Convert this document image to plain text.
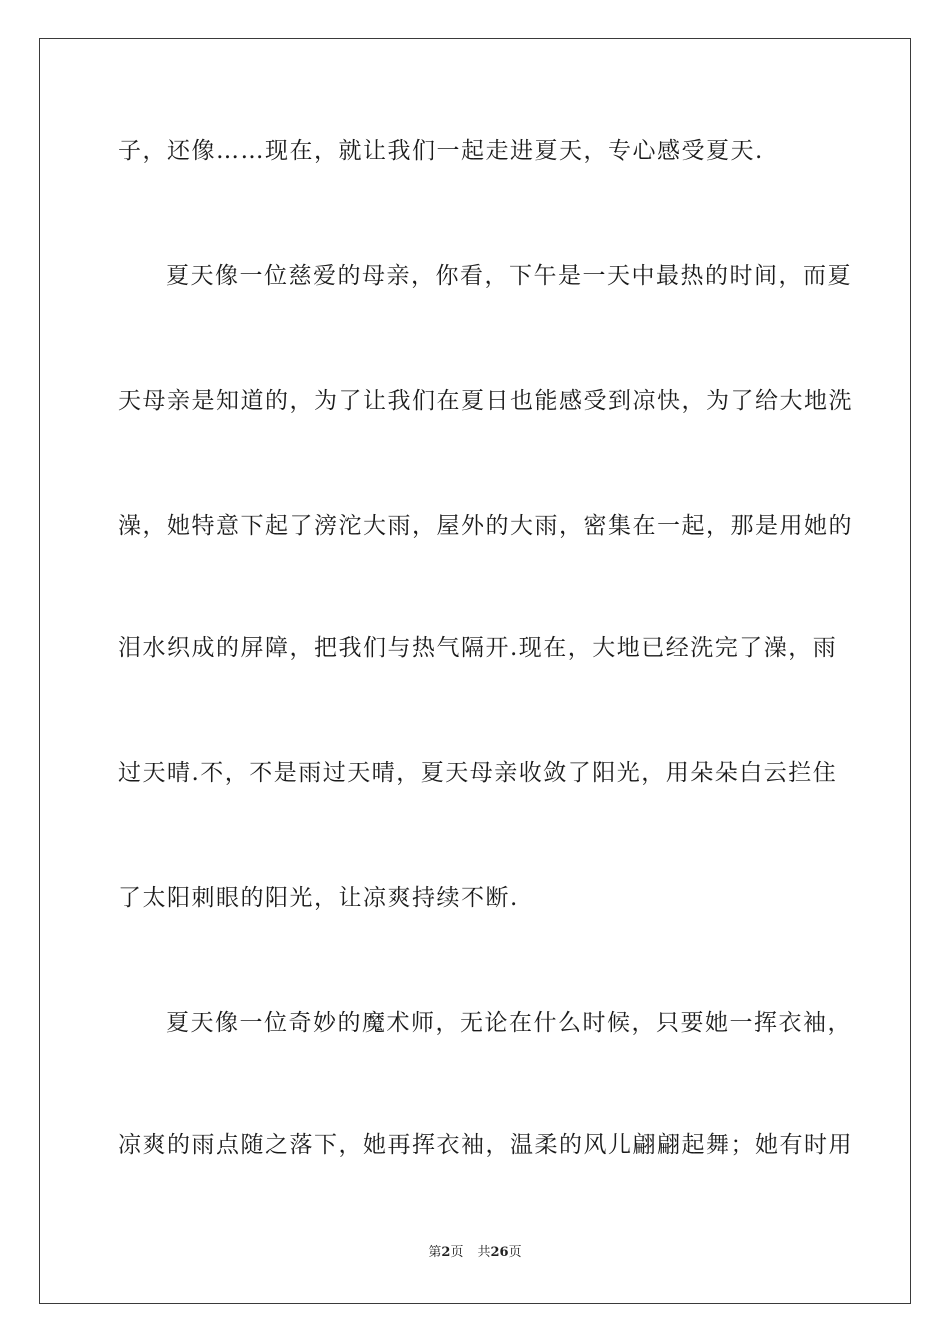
子，还像……现在，就让我们一起走进夏天，专心感受夏天.
夏天像一位慈爱的母亲，你看，下午是一天中最热的时间，而夏
天母亲是知道的，为了让我们在夏日也能感受到凉快，为了给大地洗
澡，她特意下起了滂沱大雨，屋外的大雨，密集在一起，那是用她的
泪水织成的屏障，把我们与热气隔开.现在，大地已经洗完了澡，雨
过天晴.不，不是雨过天晴，夏天母亲收敛了阳光，用朵朵白云拦住
了太阳刺眼的阳光，让凉爽持续不断.
夏天像一位奇妙的魔术师，无论在什么时候，只要她一挥衣袖，
凉爽的雨点随之落下，她再挥衣袖，温柔的风儿翩翩起舞；她有时用
第2页 共26页
